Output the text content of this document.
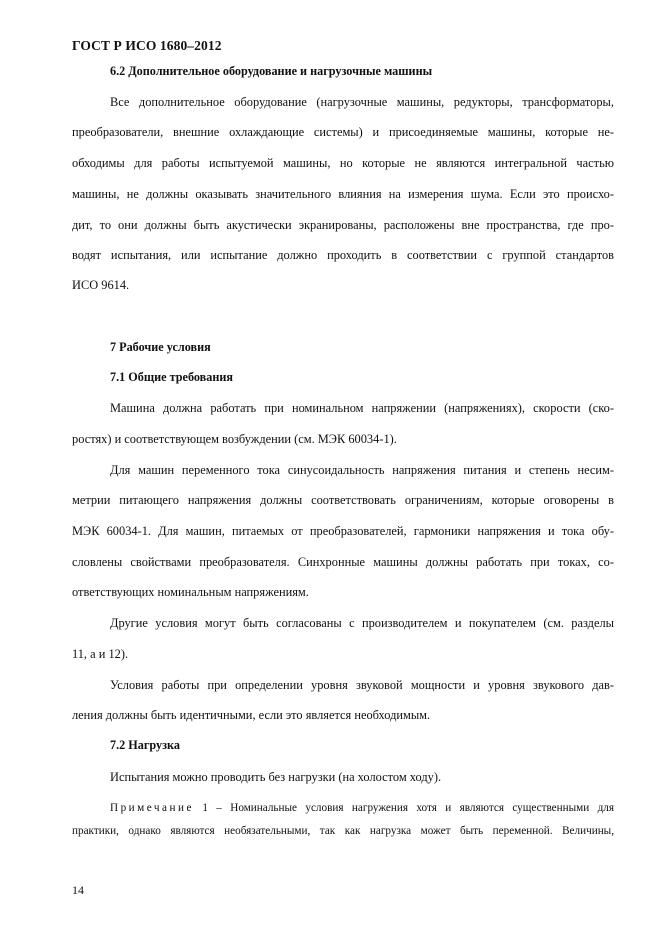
ГОСТ Р ИСО 1680–2012
6.2 Дополнительное оборудование и нагрузочные машины
Все дополнительное оборудование (нагрузочные машины, редукторы, трансформаторы,
преобразователи, внешние охлаждающие системы) и присоединяемые машины, которые не-
обходимы для работы испытуемой машины, но которые не являются интегральной частью
машины, не должны оказывать значительного влияния на измерения шума. Если это происхо-
дит, то они должны быть акустически экранированы, расположены вне пространства, где про-
водят испытания, или испытание должно проходить в соответствии с группой стандартов
ИСО 9614.
7 Рабочие условия
7.1 Общие требования
Машина должна работать при номинальном напряжении (напряжениях), скорости (ско-
ростях) и соответствующем возбуждении (см. МЭК 60034-1).
Для машин переменного тока синусоидальность напряжения питания и степень несим-
метрии питающего напряжения должны соответствовать ограничениям, которые оговорены в
МЭК 60034-1. Для машин, питаемых от преобразователей, гармоники напряжения и тока обу-
словлены свойствами преобразователя. Синхронные машины должны работать при токах, со-
ответствующих номинальным напряжениям.
Другие условия могут быть согласованы с производителем и покупателем (см. разделы
11, а и 12).
Условия работы при определении уровня звуковой мощности и уровня звукового дав-
ления должны быть идентичными, если это является необходимым.
7.2 Нагрузка
Испытания можно проводить без нагрузки (на холостом ходу).
Примечание 1 – Номинальные условия нагружения хотя и являются существенными для
практики, однако являются необязательными, так как нагрузка может быть переменной. Величины,
14
